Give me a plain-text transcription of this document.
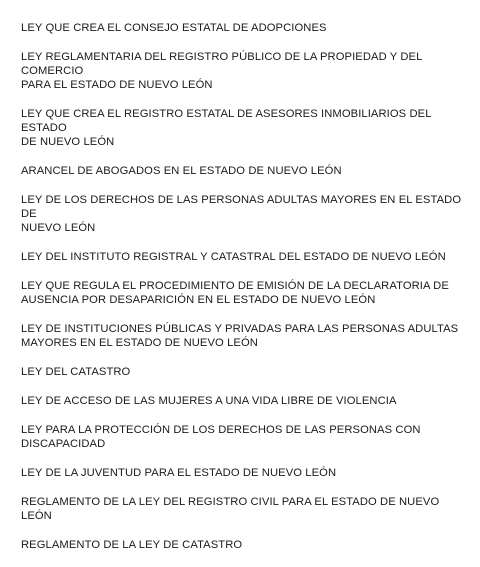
LEY QUE CREA EL CONSEJO ESTATAL DE ADOPCIONES
LEY REGLAMENTARIA DEL REGISTRO PÚBLICO DE LA PROPIEDAD Y DEL COMERCIO
PARA EL ESTADO DE NUEVO LEÓN
LEY QUE CREA EL REGISTRO ESTATAL DE ASESORES INMOBILIARIOS DEL ESTADO
DE NUEVO LEÓN
ARANCEL DE ABOGADOS EN EL ESTADO DE NUEVO LEÓN
LEY DE LOS DERECHOS DE LAS PERSONAS ADULTAS MAYORES EN EL ESTADO DE
NUEVO LEÓN
LEY DEL INSTITUTO REGISTRAL Y CATASTRAL DEL ESTADO DE NUEVO LEÓN
LEY QUE REGULA EL PROCEDIMIENTO DE EMISIÓN DE LA DECLARATORIA DE
AUSENCIA POR DESAPARICIÓN EN EL ESTADO DE NUEVO LEÓN
LEY DE INSTITUCIONES PÚBLICAS Y PRIVADAS PARA LAS PERSONAS ADULTAS
MAYORES EN EL ESTADO DE NUEVO LEÓN
LEY DEL CATASTRO
LEY DE ACCESO DE LAS MUJERES A UNA VIDA LIBRE DE VIOLENCIA
LEY PARA LA PROTECCIÓN DE LOS DERECHOS DE LAS PERSONAS CON
DISCAPACIDAD
LEY DE LA JUVENTUD PARA EL ESTADO DE NUEVO LEÓN
REGLAMENTO DE LA LEY DEL REGISTRO CIVIL PARA EL ESTADO DE NUEVO LEÓN
REGLAMENTO DE LA LEY DE CATASTRO
